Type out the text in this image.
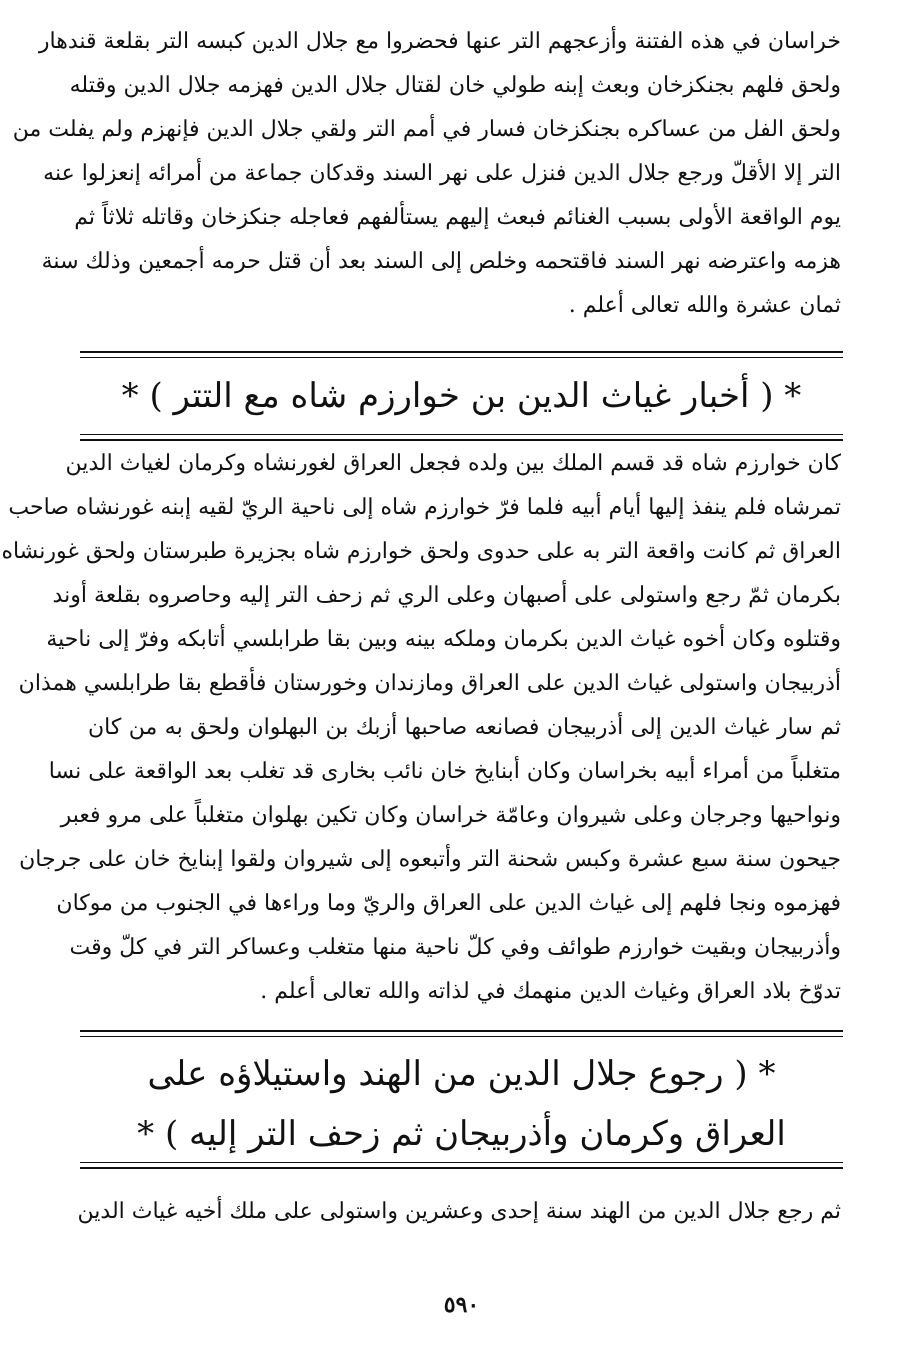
خراسان في هذه الفتنة وأزعجهم التر عنها فحضروا مع جلال الدين كبسه التر بقلعة قندهار
ولحق فلهم بجنكزخان وبعث إبنه طولي خان لقتال جلال الدين فهزمه جلال الدين وقتله
ولحق الفل من عساكره بجنكزخان فسار في أمم التر ولقي جلال الدين فإنهزم ولم يفلت من
التر إلا الأقلّ ورجع جلال الدين فنزل على نهر السند وقدكان جماعة من أمرائه إنعزلوا عنه
يوم الواقعة الأولى بسبب الغنائم فبعث إليهم يستألفهم فعاجله جنكزخان وقاتله ثلاثاً ثم
هزمه واعترضه نهر السند فاقتحمه وخلص إلى السند بعد أن قتل حرمه أجمعين وذلك سنة
ثمان عشرة والله تعالى أعلم .
* ( أخبار غياث الدين بن خوارزم شاه مع التتر ) *
كان خوارزم شاه قد قسم الملك بين ولده فجعل العراق لغورنشاه وكرمان لغياث الدين
تمرشاه فلم ينفذ إليها أيام أبيه فلما فرّ خوارزم شاه إلى ناحية الريّ لقيه إبنه غورنشاه صاحب
العراق ثم كانت واقعة التر به على حدوى ولحق خوارزم شاه بجزيرة طبرستان ولحق غورنشاه
بكرمان ثمّ رجع واستولى على أصبهان وعلى الري ثم زحف التر إليه وحاصروه بقلعة أوند
وقتلوه وكان أخوه غياث الدين بكرمان وملكه بينه وبين بقا طرابلسي أتابكه وفرّ إلى ناحية
أذربيجان واستولى غياث الدين على العراق ومازندان وخورستان فأقطع بقا طرابلسي همذان
ثم سار غياث الدين إلى أذربيجان فصانعه صاحبها أزبك بن البهلوان ولحق به من كان
متغلباً من أمراء أبيه بخراسان وكان أبنايخ خان نائب بخارى قد تغلب بعد الواقعة على نسا
ونواحيها وجرجان وعلى شيروان وعامّة خراسان وكان تكين بهلوان متغلباً على مرو فعبر
جيحون سنة سبع عشرة وكبس شحنة التر وأتبعوه إلى شيروان ولقوا إبنايخ خان على جرجان
فهزموه ونجا فلهم إلى غياث الدين على العراق والريّ وما وراءها في الجنوب من موكان
وأذربيجان وبقيت خوارزم طوائف وفي كلّ ناحية منها متغلب وعساكر التر في كلّ وقت
تدوّخ بلاد العراق وغياث الدين منهمك في لذاته والله تعالى أعلم .
* ( رجوع جلال الدين من الهند واستيلاؤه على
العراق وكرمان وأذربيجان ثم زحف التر إليه ) *
ثم رجع جلال الدين من الهند سنة إحدى وعشرين واستولى على ملك أخيه غياث الدين
٥٩٠
